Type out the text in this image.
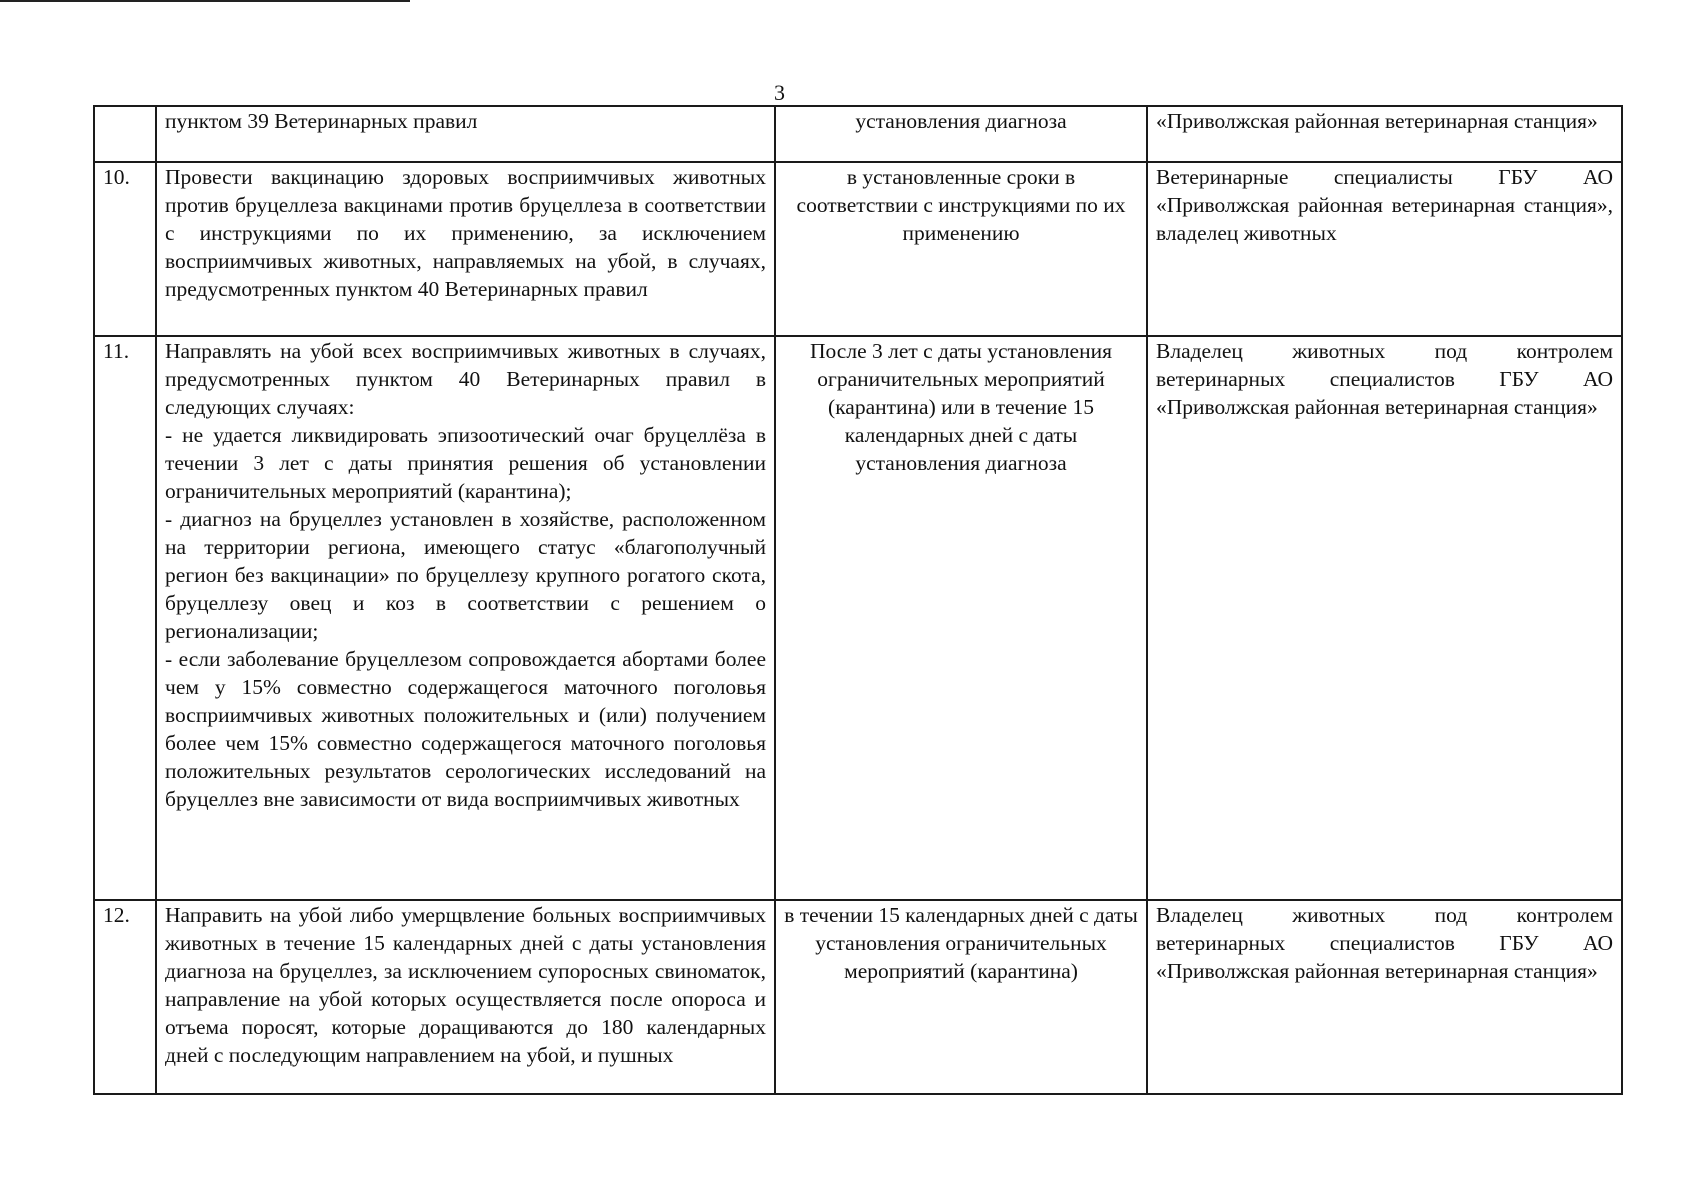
3

	пунктом 39 Ветеринарных правил	установления диагноза	«Приволжская районная ветеринарная станция»

10.	Провести вакцинацию здоровых восприимчивых животных против бруцеллеза вакцинами против бруцеллеза в соответствии с инструкциями по их применению, за исключением восприимчивых животных, направляемых на убой, в случаях, предусмотренных пунктом 40 Ветеринарных правил	в установленные сроки в соответствии с инструкциями по их применению	Ветеринарные специалисты ГБУ АО «Приволжская районная ветеринарная станция», владелец животных

11.	Направлять на убой всех восприимчивых животных в случаях, предусмотренных пунктом 40 Ветеринарных правил в следующих случаях:
- не удается ликвидировать эпизоотический очаг бруцеллёза в течении 3 лет с даты принятия решения об установлении ограничительных мероприятий (карантина);
- диагноз на бруцеллез установлен в хозяйстве, расположенном на территории региона, имеющего статус «благополучный регион без вакцинации» по бруцеллезу крупного рогатого скота, бруцеллезу овец и коз в соответствии с решением о регионализации;
- если заболевание бруцеллезом сопровождается абортами более чем у 15% совместно содержащегося маточного поголовья восприимчивых животных положительных и (или) получением более чем 15% совместно содержащегося маточного поголовья положительных результатов серологических исследований на бруцеллез вне зависимости от вида восприимчивых животных	После 3 лет с даты установления ограничительных мероприятий (карантина) или в течение 15 календарных дней с даты установления диагноза	Владелец животных под контролем ветеринарных специалистов ГБУ АО «Приволжская районная ветеринарная станция»

12.	Направить на убой либо умерщвление больных восприимчивых животных в течение 15 календарных дней с даты установления диагноза на бруцеллез, за исключением супоросных свиноматок, направление на убой которых осуществляется после опороса и отъема поросят, которые доращиваются до 180 календарных дней с последующим направлением на убой, и пушных	в течении 15 календарных дней с даты установления ограничительных мероприятий (карантина)	Владелец животных под контролем ветеринарных специалистов ГБУ АО «Приволжская районная ветеринарная станция»
